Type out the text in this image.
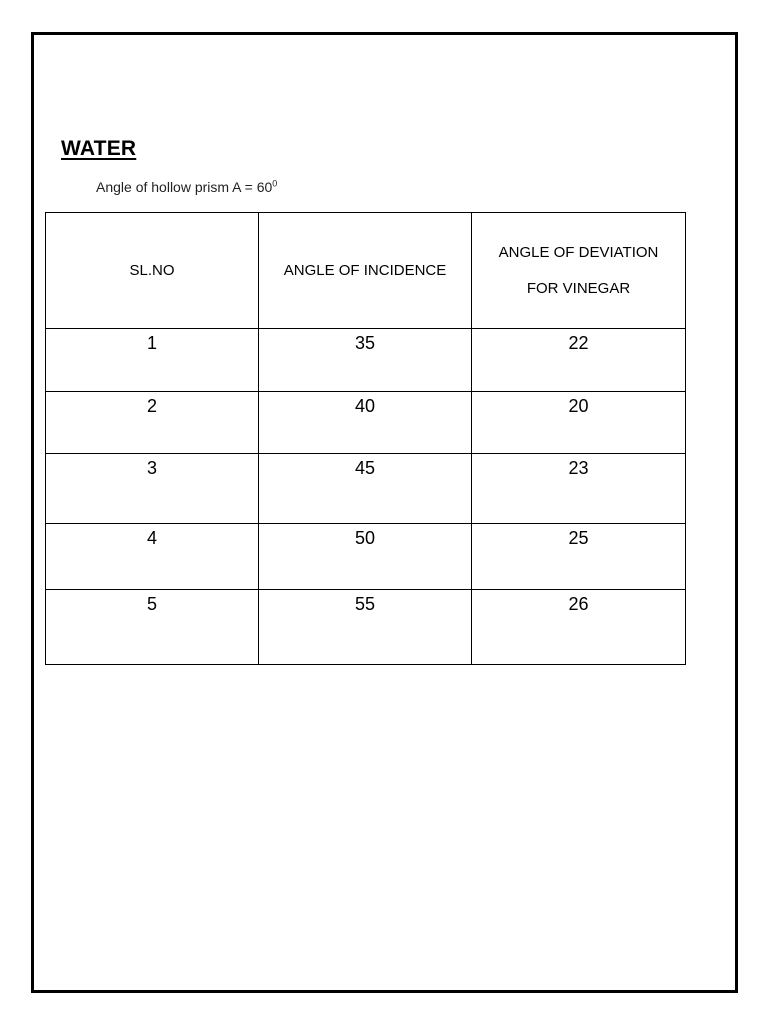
WATER
Angle of hollow prism $A = 60^0$
SL.NO	ANGLE OF INCIDENCE	ANGLE OF DEVIATION
FOR VINEGAR

1	35	22
2	40	20
3	45	23
4	50	25
5	55	26
